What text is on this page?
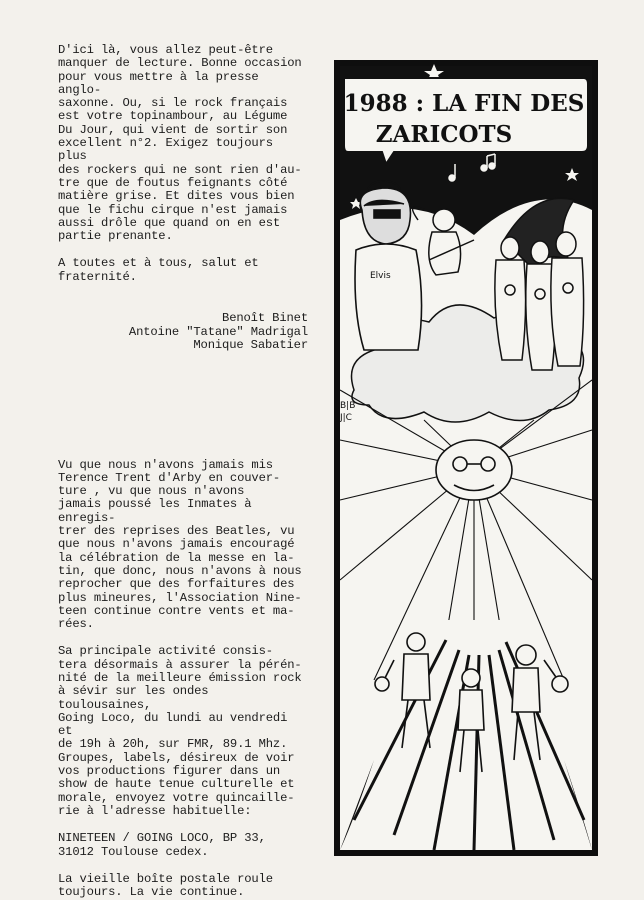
D'ici là, vous allez peut-être
manquer de lecture. Bonne occasion
pour vous mettre à la presse anglo-
saxonne. Ou, si le rock français
est votre topinambour, au Légume
Du Jour, qui vient de sortir son
excellent n°2. Exigez toujours plus
des rockers qui ne sont rien d'au-
tre que de foutus feignants côté
matière grise. Et dites vous bien
que le fichu cirque n'est jamais
aussi drôle que quand on en est
partie prenante.

A toutes et à tous, salut et
fraternité.

Benoît Binet
Antoine "Tatane" Madrigal
Monique Sabatier

Vu que nous n'avons jamais mis
Terence Trent d'Arby en couver-
ture , vu que nous n'avons
jamais poussé les Inmates à enregis-
trer des reprises des Beatles, vu
que nous n'avons jamais encouragé
la célébration de la messe en la-
tin, que donc, nous n'avons à nous
reprocher que des forfaitures des
plus mineures, l'Association Nine-
teen continue contre vents et ma-
rées.

Sa principale activité consis-
tera désormais à assurer la pérén-
nité de la meilleure émission rock
à sévir sur les ondes toulousaines,
Going Loco, du lundi au vendredi et
de 19h à 20h, sur FMR, 89.1 Mhz.
Groupes, labels, désireux de voir
vos productions figurer dans un
show de haute tenue culturelle et
morale, envoyez votre quincaille-
rie à l'adresse habituelle:

NINETEEN / GOING LOCO, BP 33,
31012 Toulouse cedex.

La vieille boîte postale roule
toujours. La vie continue.

1988 : LA FIN DES
ZARICOTS
Elvis
B|B
J|C
